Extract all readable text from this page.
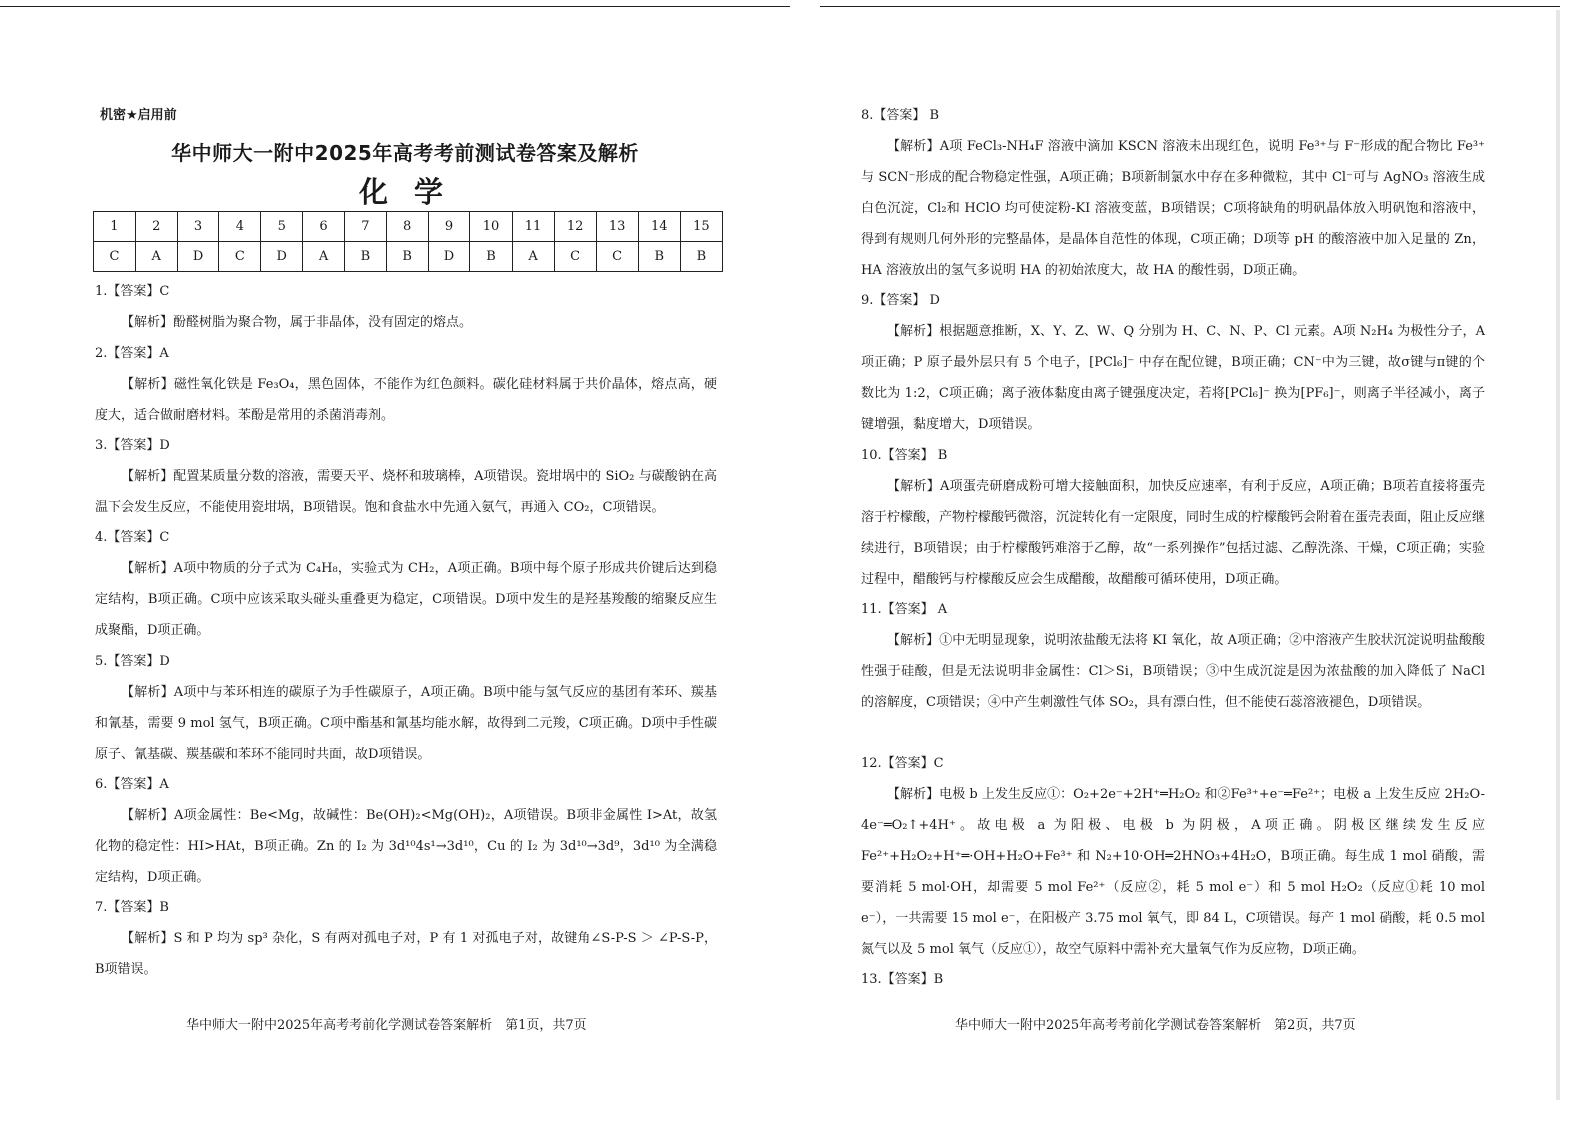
机密★启用前
华中师大一附中2025年高考考前测试卷答案及解析
化 学
1	2	3	4	5	6	7	8	9	10	11	12	13	14	15
C	A	D	C	D	A	B	B	D	B	A	C	C	B	B
1.【答案】C
【解析】酚醛树脂为聚合物，属于非晶体，没有固定的熔点。
2.【答案】A
【解析】磁性氧化铁是 Fe₃O₄，黑色固体，不能作为红色颜料。碳化硅材料属于共价晶体，熔点高，硬度大，适合做耐磨材料。苯酚是常用的杀菌消毒剂。
3.【答案】D
【解析】配置某质量分数的溶液，需要天平、烧杯和玻璃棒，A项错误。瓷坩埚中的 SiO₂ 与碳酸钠在高温下会发生反应，不能使用瓷坩埚，B项错误。饱和食盐水中先通入氨气，再通入 CO₂，C项错误。
4.【答案】C
【解析】A项中物质的分子式为 C₄H₈，实验式为 CH₂，A项正确。B项中每个原子形成共价键后达到稳定结构，B项正确。C项中应该采取头碰头重叠更为稳定，C项错误。D项中发生的是羟基羧酸的缩聚反应生成聚酯，D项正确。
5.【答案】D
【解析】A项中与苯环相连的碳原子为手性碳原子，A项正确。B项中能与氢气反应的基团有苯环、羰基和氰基，需要 9 mol 氢气，B项正确。C项中酯基和氰基均能水解，故得到二元羧，C项正确。D项中手性碳原子、氰基碳、羰基碳和苯环不能同时共面，故D项错误。
6.【答案】A
【解析】A项金属性：Be<Mg，故碱性：Be(OH)₂<Mg(OH)₂，A项错误。B项非金属性 I>At，故氢化物的稳定性：HI>HAt，B项正确。Zn 的 I₂ 为 3d¹⁰4s¹→3d¹⁰，Cu 的 I₂ 为 3d¹⁰→3d⁹，3d¹⁰ 为全满稳定结构，D项正确。
7.【答案】B
【解析】S 和 P 均为 sp³ 杂化，S 有两对孤电子对，P 有 1 对孤电子对，故键角∠S-P-S ＞ ∠P-S-P，B项错误。
华中师大一附中2025年高考考前化学测试卷答案解析　第1页，共7页
8.【答案】 B
【解析】A项 FeCl₃-NH₄F 溶液中滴加 KSCN 溶液未出现红色，说明 Fe³⁺与 F⁻形成的配合物比 Fe³⁺与 SCN⁻形成的配合物稳定性强，A项正确；B项新制氯水中存在多种微粒，其中 Cl⁻可与 AgNO₃ 溶液生成白色沉淀，Cl₂和 HClO 均可使淀粉-KI 溶液变蓝，B项错误；C项将缺角的明矾晶体放入明矾饱和溶液中，得到有规则几何外形的完整晶体，是晶体自范性的体现，C项正确；D项等 pH 的酸溶液中加入足量的 Zn，HA 溶液放出的氢气多说明 HA 的初始浓度大，故 HA 的酸性弱，D项正确。
9.【答案】 D
【解析】根据题意推断，X、Y、Z、W、Q 分别为 H、C、N、P、Cl 元素。A项 N₂H₄ 为极性分子，A项正确；P 原子最外层只有 5 个电子，[PCl₆]⁻ 中存在配位键，B项正确；CN⁻中为三键，故σ键与π键的个数比为 1:2，C项正确；离子液体黏度由离子键强度决定，若将[PCl₆]⁻ 换为[PF₆]⁻，则离子半径减小，离子键增强，黏度增大，D项错误。
10.【答案】 B
【解析】A项蛋壳研磨成粉可增大接触面积，加快反应速率，有利于反应，A项正确；B项若直接将蛋壳溶于柠檬酸，产物柠檬酸钙微溶，沉淀转化有一定限度，同时生成的柠檬酸钙会附着在蛋壳表面，阻止反应继续进行，B项错误；由于柠檬酸钙难溶于乙醇，故“一系列操作”包括过滤、乙醇洗涤、干燥，C项正确；实验过程中，醋酸钙与柠檬酸反应会生成醋酸，故醋酸可循环使用，D项正确。
11.【答案】 A
【解析】①中无明显现象，说明浓盐酸无法将 KI 氧化，故 A项正确；②中溶液产生胶状沉淀说明盐酸酸性强于硅酸，但是无法说明非金属性：Cl＞Si，B项错误；③中生成沉淀是因为浓盐酸的加入降低了 NaCl 的溶解度，C项错误；④中产生刺激性气体 SO₂，具有漂白性，但不能使石蕊溶液褪色，D项错误。
12.【答案】C
【解析】电极 b 上发生反应①：O₂+2e⁻+2H⁺═H₂O₂ 和②Fe³⁺+e⁻═Fe²⁺；电极 a 上发生反应 2H₂O-4e⁻═O₂↑+4H⁺。故电极 a 为阳极、电极 b 为阴极，A项正确。阴极区继续发生反应 Fe²⁺+H₂O₂+H⁺═·OH+H₂O+Fe³⁺ 和 N₂+10·OH═2HNO₃+4H₂O，B项正确。每生成 1 mol 硝酸，需要消耗 5 mol·OH，却需要 5 mol Fe²⁺（反应②，耗 5 mol e⁻）和 5 mol H₂O₂（反应①耗 10 mol e⁻），一共需要 15 mol e⁻，在阳极产 3.75 mol 氧气，即 84 L，C项错误。每产 1 mol 硝酸，耗 0.5 mol 氮气以及 5 mol 氧气（反应①），故空气原料中需补充大量氧气作为反应物，D项正确。
13.【答案】B
华中师大一附中2025年高考考前化学测试卷答案解析　第2页，共7页
